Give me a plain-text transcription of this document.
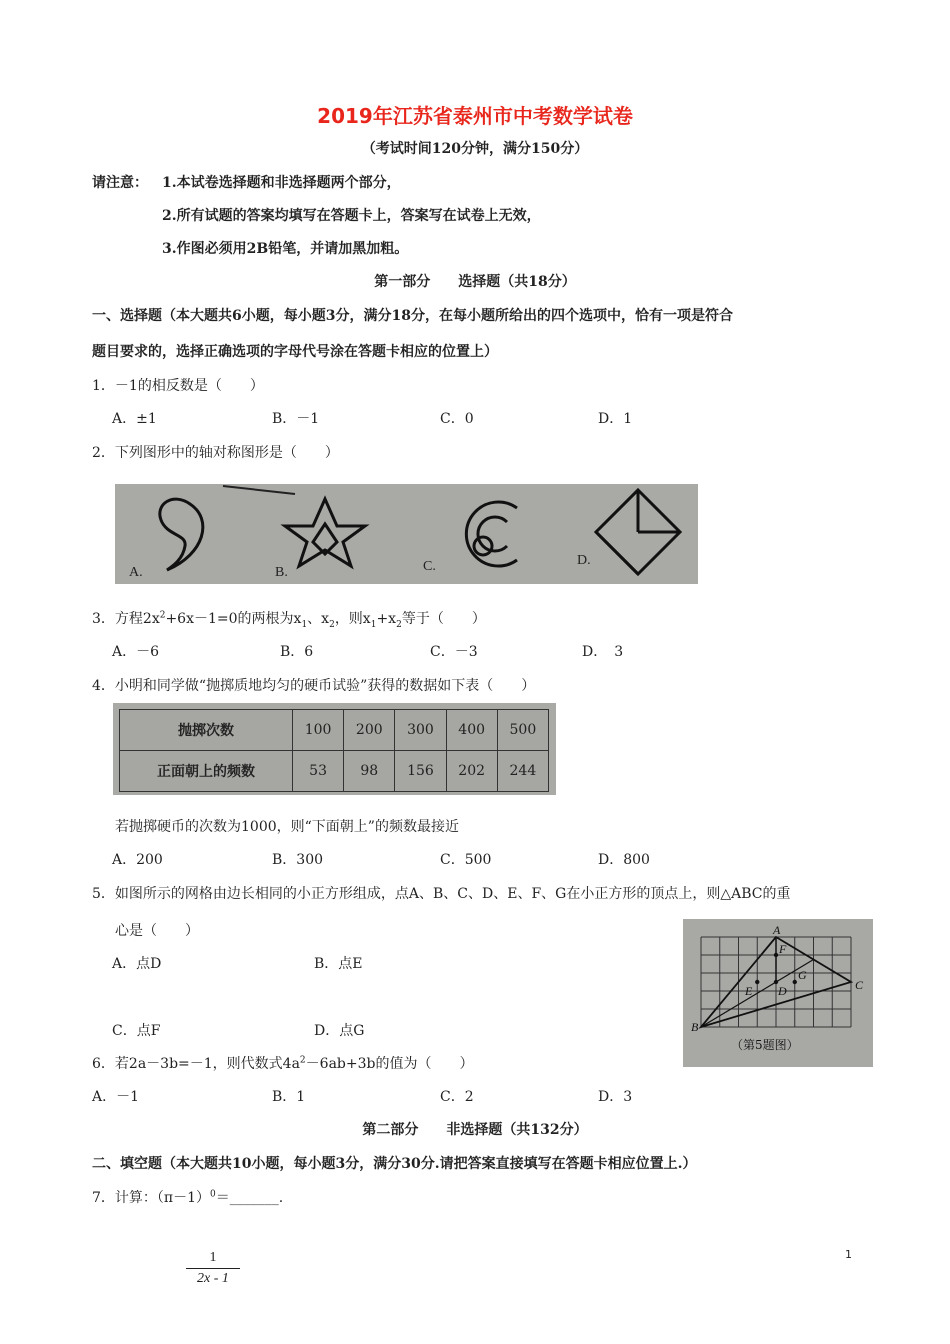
2019年江苏省泰州市中考数学试卷
（考试时间120分钟，满分150分）
请注意： 1.本试卷选择题和非选择题两个部分，
2.所有试题的答案均填写在答题卡上，答案写在试卷上无效，
3.作图必须用2B铅笔，并请加黑加粗。
第一部分　　选择题（共18分）
一、选择题（本大题共6小题，每小题3分，满分18分，在每小题所给出的四个选项中，恰有一项是符合
题目要求的，选择正确选项的字母代号涂在答题卡相应的位置上）
1．－1的相反数是（　　）
A．±1	B．－1	C．0	D．1
2．下列图形中的轴对称图形是（　　）
A.	B.	C.	D.
3．方程$2x^2+6x-1=0$的两根为$x_1$、$x_2$，则$x_1+x_2$等于（　　）
A．－6	B．6	C．－3	D．　3
4．小明和同学做“抛掷质地均匀的硬币试验”获得的数据如下表（　　）
抛掷次数	100	200	300	400	500
正面朝上的频数	53	98	156	202	244
若抛掷硬币的次数为1000，则“下面朝上”的频数最接近
A．200	B．300	C．500	D．800
5．如图所示的网格由边长相同的小正方形组成，点A、B、C、D、E、F、G在小正方形的顶点上，则△ABC的重
心是（　　）
A．点D	B．点E
C．点F	D．点G
A
B
C
D
E
F
G
（第5题图）
6．若2a－3b=－1，则代数式$4a^2-6ab+3b$的值为（　　）
A．－1	B．1	C．2	D．3
第二部分　　非选择题（共132分）
二、填空题（本大题共10小题，每小题3分，满分30分.请把答案直接填写在答题卡相应位置上.）
7．计算：$(\pi-1)^0=\_\_\_\_\_\_\_$.
1
$\frac{1}{2x - 1}$
